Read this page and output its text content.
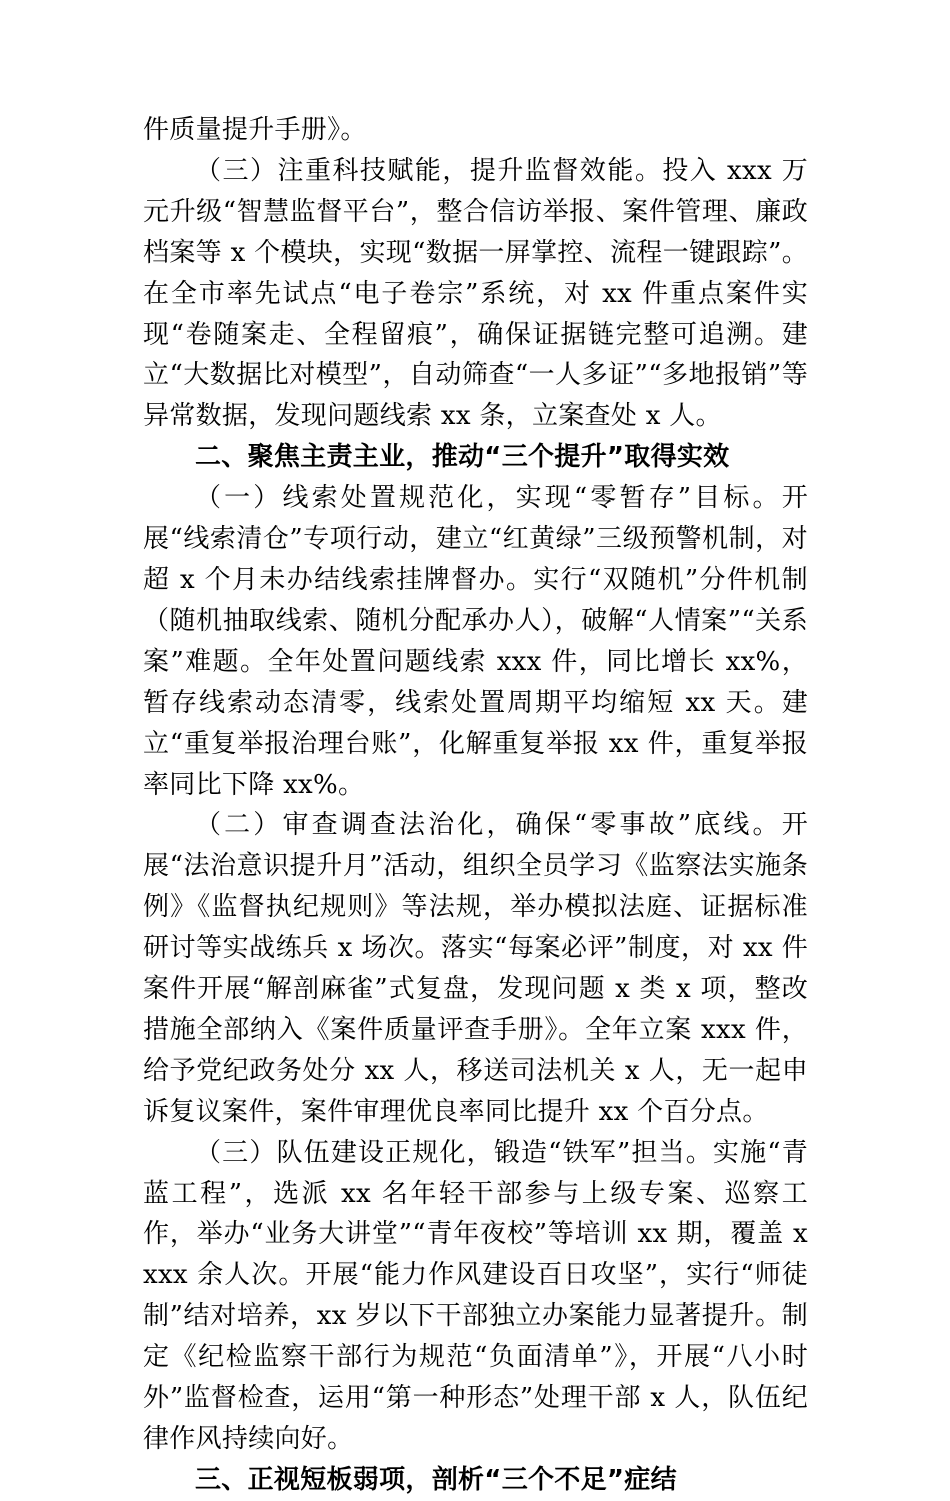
件质量提升手册》。

（三）注重科技赋能，提升监督效能。投入 xxx 万元升级“智慧监督平台”，整合信访举报、案件管理、廉政档案等 x 个模块，实现“数据一屏掌控、流程一键跟踪”。在全市率先试点“电子卷宗”系统，对 xx 件重点案件实现“卷随案走、全程留痕”，确保证据链完整可追溯。建立“大数据比对模型”，自动筛查“一人多证”“多地报销”等异常数据，发现问题线索 xx 条，立案查处 x 人。

二、聚焦主责主业，推动“三个提升”取得实效

（一）线索处置规范化，实现“零暂存”目标。开展“线索清仓”专项行动，建立“红黄绿”三级预警机制，对超 x 个月未办结线索挂牌督办。实行“双随机”分件机制（随机抽取线索、随机分配承办人），破解“人情案”“关系案”难题。全年处置问题线索 xxx 件，同比增长 xx%，暂存线索动态清零，线索处置周期平均缩短 xx 天。建立“重复举报治理台账”，化解重复举报 xx 件，重复举报率同比下降 xx%。

（二）审查调查法治化，确保“零事故”底线。开展“法治意识提升月”活动，组织全员学习《监察法实施条例》《监督执纪规则》等法规，举办模拟法庭、证据标准研讨等实战练兵 x 场次。落实“每案必评”制度，对 xx 件案件开展“解剖麻雀”式复盘，发现问题 x 类 x 项，整改措施全部纳入《案件质量评查手册》。全年立案 xxx 件，给予党纪政务处分 xx 人，移送司法机关 x 人，无一起申诉复议案件，案件审理优良率同比提升 xx 个百分点。

（三）队伍建设正规化，锻造“铁军”担当。实施“青蓝工程”，选派 xx 名年轻干部参与上级专案、巡察工作，举办“业务大讲堂”“青年夜校”等培训 xx 期，覆盖 xxxx 余人次。开展“能力作风建设百日攻坚”，实行“师徒制”结对培养，xx 岁以下干部独立办案能力显著提升。制定《纪检监察干部行为规范“负面清单”》，开展“八小时外”监督检查，运用“第一种形态”处理干部 x 人，队伍纪律作风持续向好。

三、正视短板弱项，剖析“三个不足”症结
